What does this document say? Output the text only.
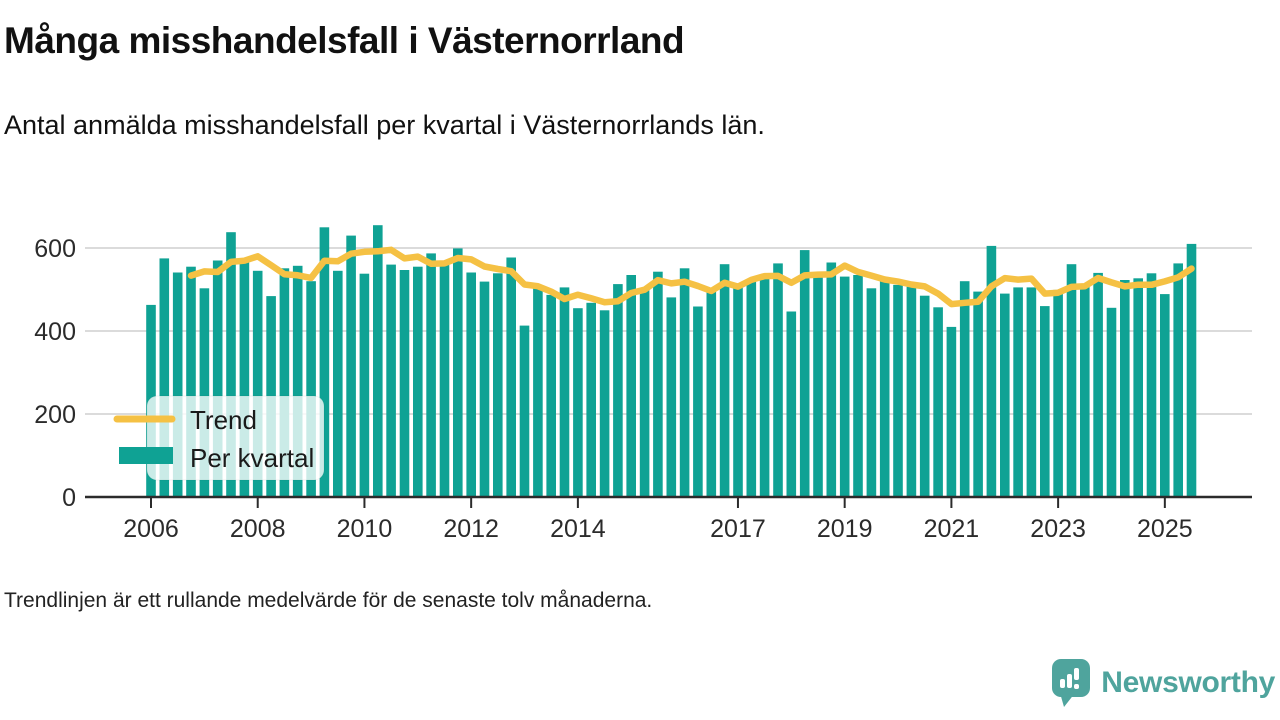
Många misshandelsfall i Västernorrland
Antal anmälda misshandelsfall per kvartal i Västernorrlands län.
Trend
Per kvartal
2006 2008 2010 2012 2014	2017 2019 2021 2023 2025
0
200
400
600
Trendlinjen är ett rullande medelvärde för de senaste tolv månaderna.
Newsworthy
